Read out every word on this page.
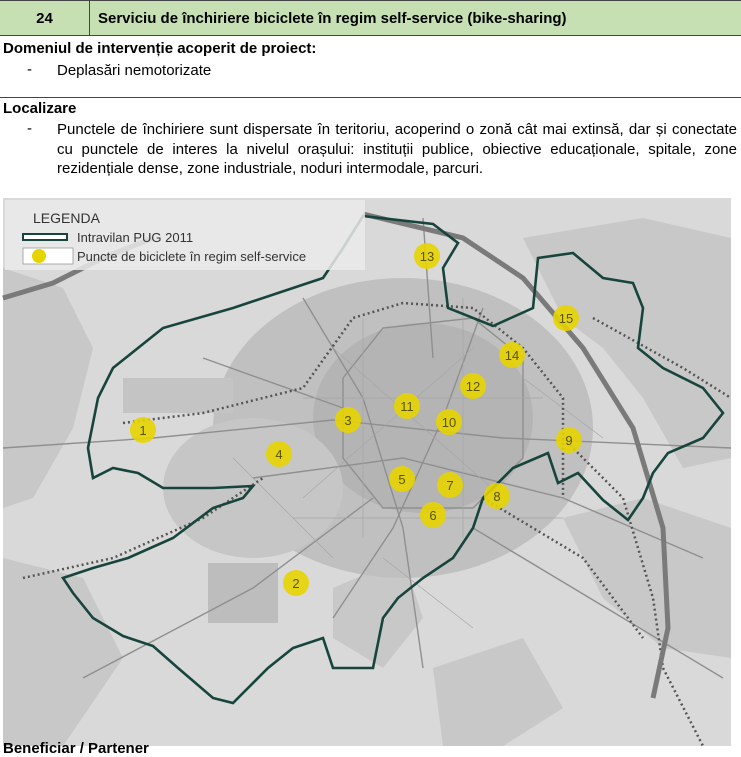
24	Serviciu de închiriere biciclete în regim self-service (bike-sharing)
Domeniul de intervenție acoperit de proiect:
-	Deplasări nemotorizate
Localizare
-	Punctele de închiriere sunt dispersate în teritoriu, acoperind o zonă cât mai extinsă, dar și conectate cu punctele de interes la nivelul orașului: instituții publice, obiective educaționale, spitale, zone rezidențiale dense, zone industriale, noduri intermodale, parcuri.
1
2
3
4
5
6
7
8
9
10
11
12
13
14
15
LEGENDA
Intravilan PUG 2011
Puncte de biciclete în regim self-service
Beneficiar / Partener
